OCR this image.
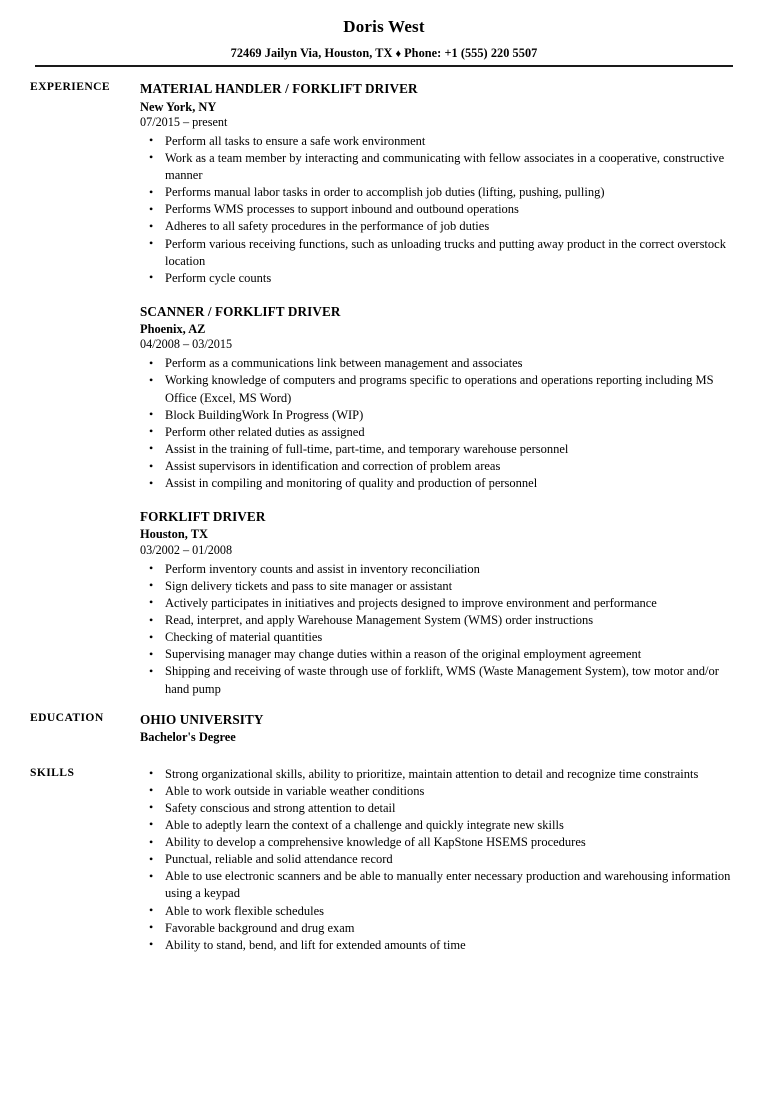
Doris West
72469 Jailyn Via, Houston, TX ♦ Phone: +1 (555) 220 5507
EXPERIENCE	MATERIAL HANDLER / FORKLIFT DRIVER
New York, NY
07/2015 – present
• Perform all tasks to ensure a safe work environment
• Work as a team member by interacting and communicating with fellow associates in a cooperative, constructive manner
• Performs manual labor tasks in order to accomplish job duties (lifting, pushing, pulling)
• Performs WMS processes to support inbound and outbound operations
• Adheres to all safety procedures in the performance of job duties
• Perform various receiving functions, such as unloading trucks and putting away product in the correct overstock location
• Perform cycle counts
SCANNER / FORKLIFT DRIVER
Phoenix, AZ
04/2008 – 03/2015
• Perform as a communications link between management and associates
• Working knowledge of computers and programs specific to operations and operations reporting including MS Office (Excel, MS Word)
• Block BuildingWork In Progress (WIP)
• Perform other related duties as assigned
• Assist in the training of full-time, part-time, and temporary warehouse personnel
• Assist supervisors in identification and correction of problem areas
• Assist in compiling and monitoring of quality and production of personnel
FORKLIFT DRIVER
Houston, TX
03/2002 – 01/2008
• Perform inventory counts and assist in inventory reconciliation
• Sign delivery tickets and pass to site manager or assistant
• Actively participates in initiatives and projects designed to improve environment and performance
• Read, interpret, and apply Warehouse Management System (WMS) order instructions
• Checking of material quantities
• Supervising manager may change duties within a reason of the original employment agreement
• Shipping and receiving of waste through use of forklift, WMS (Waste Management System), tow motor and/or hand pump
EDUCATION	OHIO UNIVERSITY
Bachelor's Degree
SKILLS	• Strong organizational skills, ability to prioritize, maintain attention to detail and recognize time constraints
• Able to work outside in variable weather conditions
• Safety conscious and strong attention to detail
• Able to adeptly learn the context of a challenge and quickly integrate new skills
• Ability to develop a comprehensive knowledge of all KapStone HSEMS procedures
• Punctual, reliable and solid attendance record
• Able to use electronic scanners and be able to manually enter necessary production and warehousing information using a keypad
• Able to work flexible schedules
• Favorable background and drug exam
• Ability to stand, bend, and lift for extended amounts of time
